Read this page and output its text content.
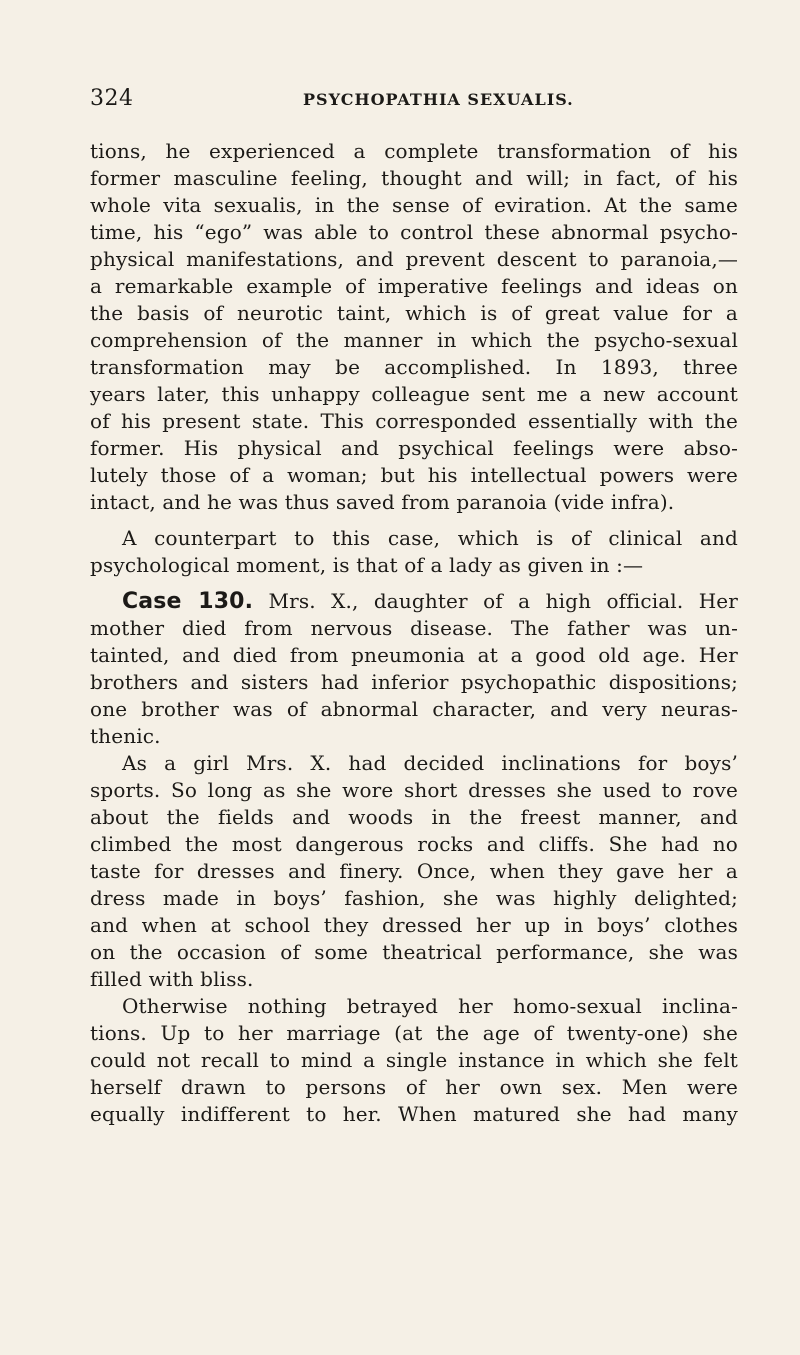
324	PSYCHOPATHIA SEXUALIS.
tions, he experienced a complete transformation of his
former masculine feeling, thought and will; in fact, of his
whole vita sexualis, in the sense of eviration. At the same
time, his “ego” was able to control these abnormal psycho-
physical manifestations, and prevent descent to paranoia,—
a remarkable example of imperative feelings and ideas on
the basis of neurotic taint, which is of great value for a
comprehension of the manner in which the psycho-sexual
transformation may be accomplished. In 1893, three
years later, this unhappy colleague sent me a new account
of his present state. This corresponded essentially with the
former. His physical and psychical feelings were abso-
lutely those of a woman; but his intellectual powers were
intact, and he was thus saved from paranoia (vide infra).
A counterpart to this case, which is of clinical and
psychological moment, is that of a lady as given in :—
Case 130. Mrs. X., daughter of a high official. Her
mother died from nervous disease. The father was un-
tainted, and died from pneumonia at a good old age. Her
brothers and sisters had inferior psychopathic dispositions;
one brother was of abnormal character, and very neuras-
thenic.
As a girl Mrs. X. had decided inclinations for boys’
sports. So long as she wore short dresses she used to rove
about the fields and woods in the freest manner, and
climbed the most dangerous rocks and cliffs. She had no
taste for dresses and finery. Once, when they gave her a
dress made in boys’ fashion, she was highly delighted;
and when at school they dressed her up in boys’ clothes
on the occasion of some theatrical performance, she was
filled with bliss.
Otherwise nothing betrayed her homo-sexual inclina-
tions. Up to her marriage (at the age of twenty-one) she
could not recall to mind a single instance in which she felt
herself drawn to persons of her own sex. Men were
equally indifferent to her. When matured she had many
